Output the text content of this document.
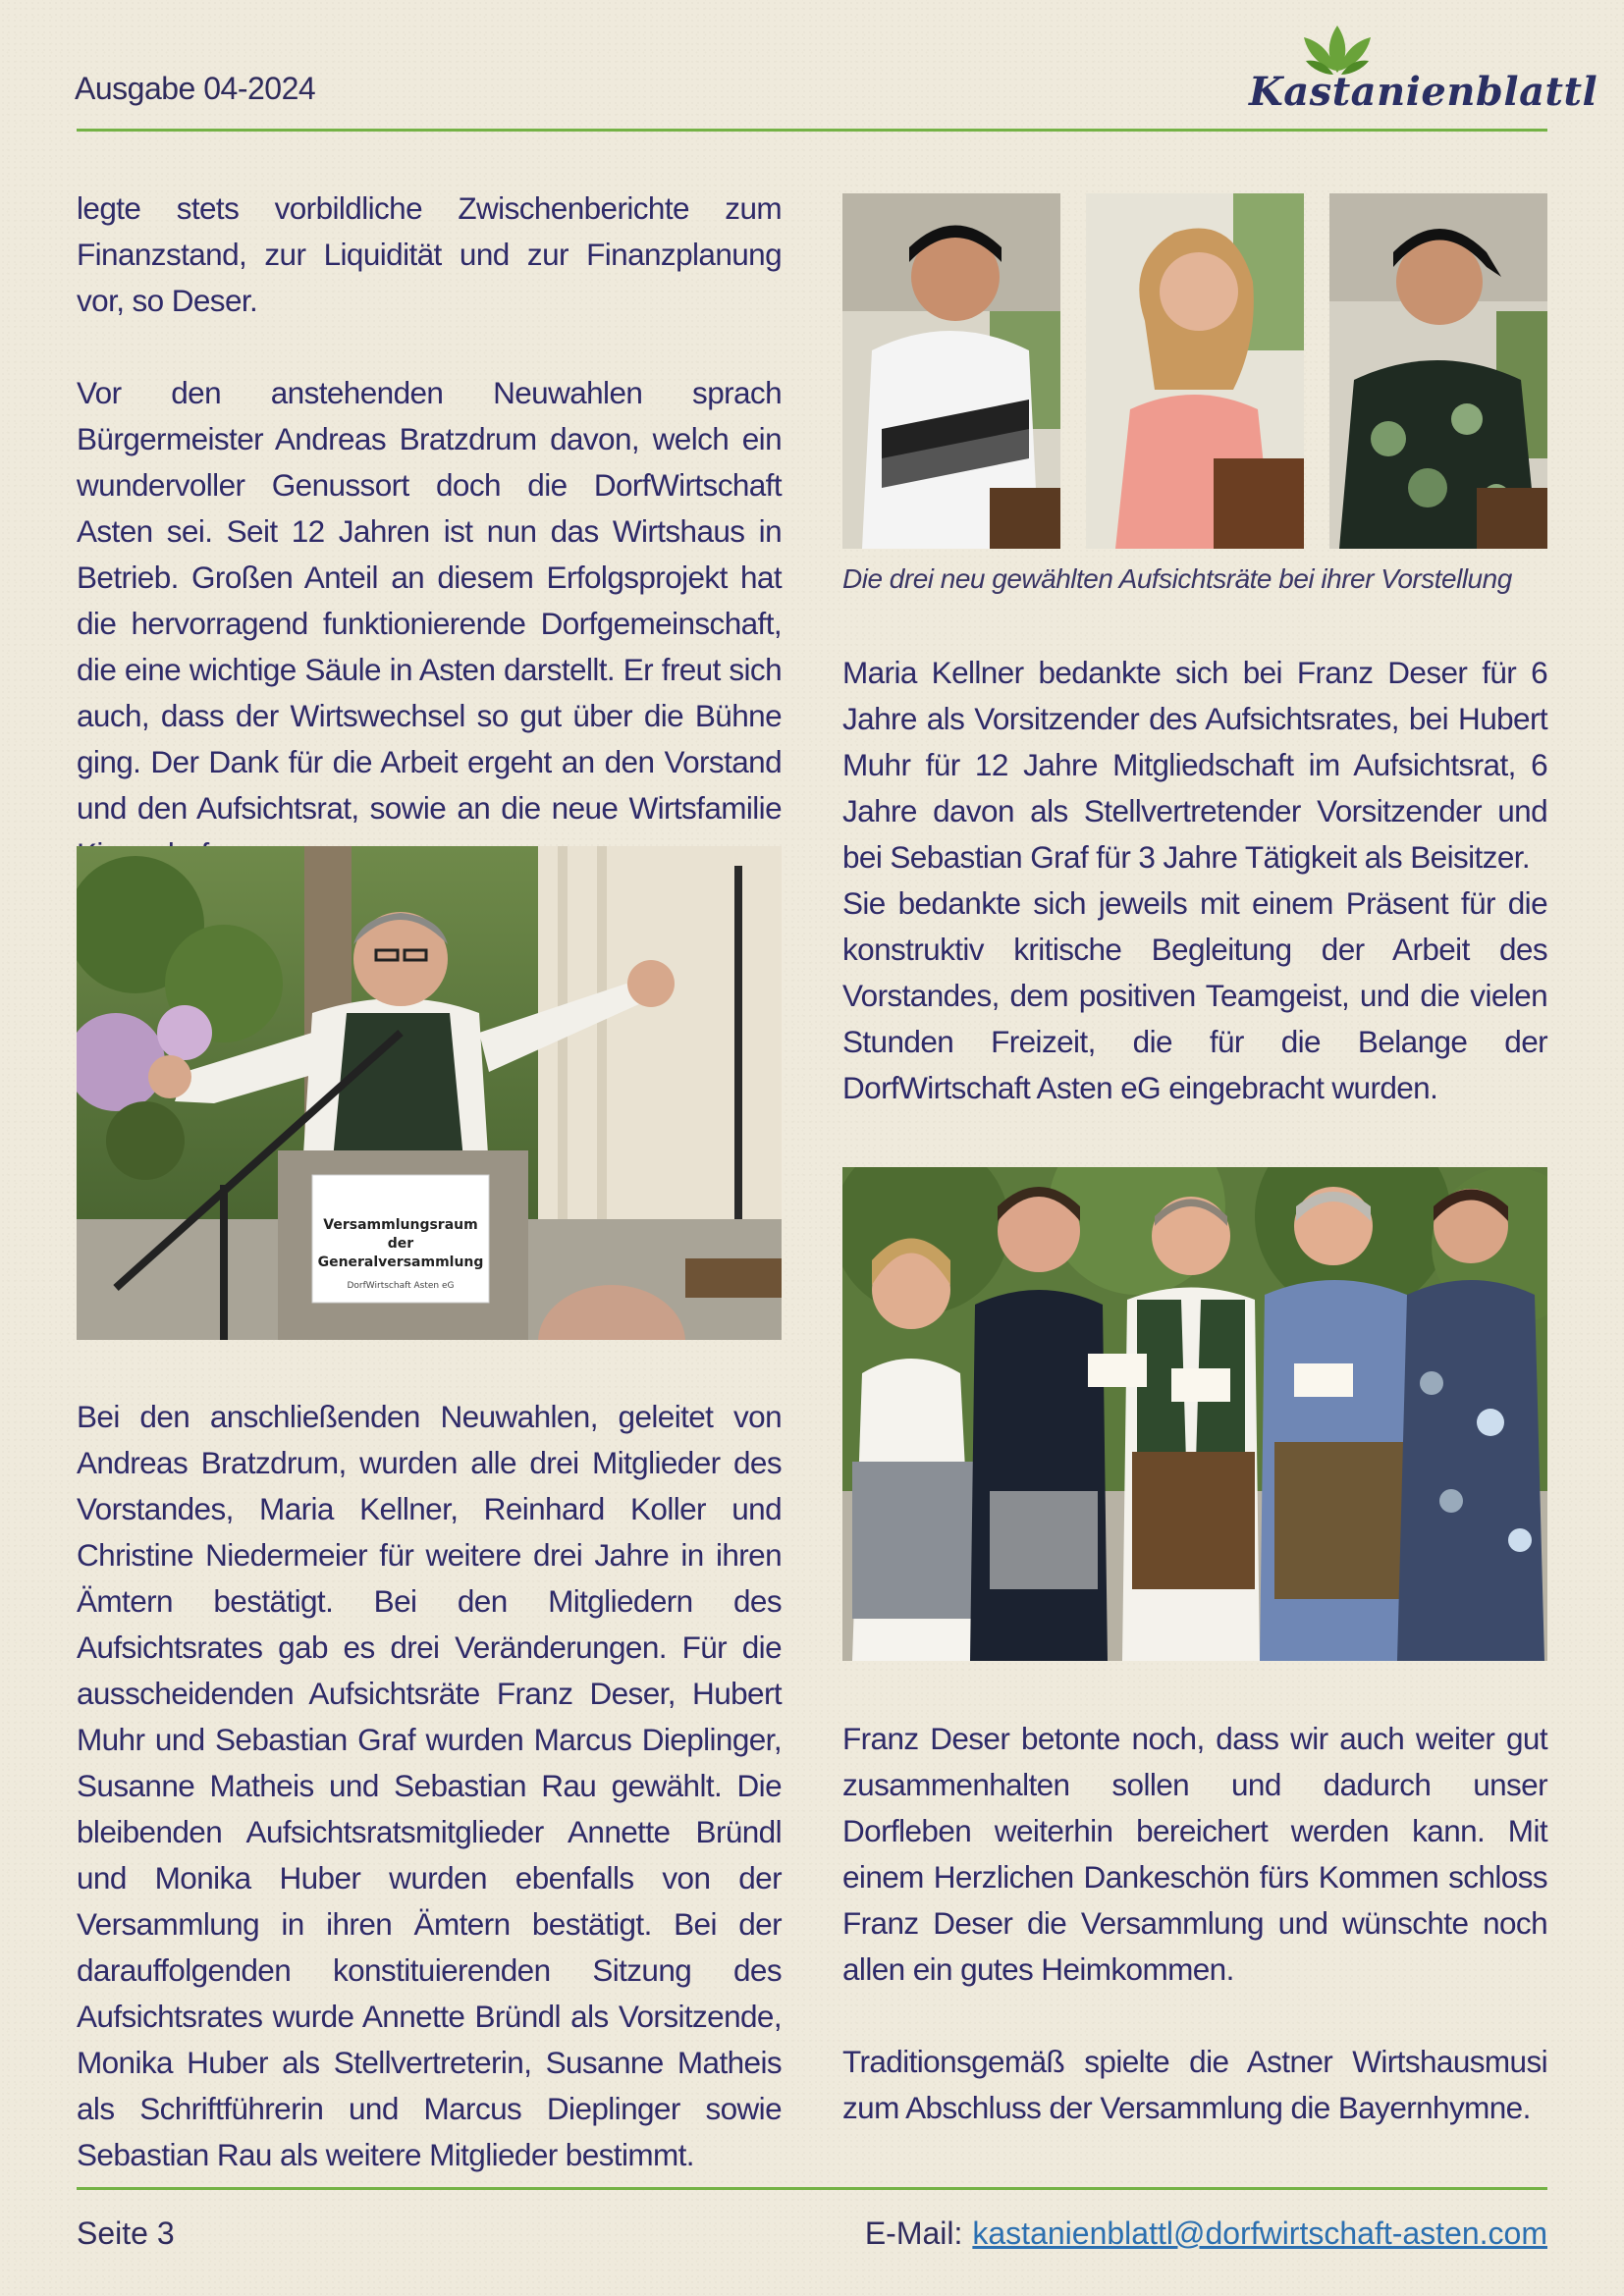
Ausgabe 04-2024	Kastanienblattl

legte stets vorbildliche Zwischenberichte zum Finanzstand, zur Liquidität und zur Finanzplanung vor, so Deser.

Vor den anstehenden Neuwahlen sprach Bürgermeister Andreas Bratzdrum davon, welch ein wundervoller Genussort doch die DorfWirtschaft Asten sei. Seit 12 Jahren ist nun das Wirtshaus in Betrieb. Großen Anteil an diesem Erfolgsprojekt hat die hervorragend funktionierende Dorfgemeinschaft, die eine wichtige Säule in Asten darstellt. Er freut sich auch, dass der Wirtswechsel so gut über die Bühne ging. Der Dank für die Arbeit ergeht an den Vorstand und den Aufsichtsrat, sowie an die neue Wirtsfamilie

Versammlungsraum
der
Generalversammlung
DorfWirtschaft Asten eG

Bei den anschließenden Neuwahlen, geleitet von Andreas Bratzdrum, wurden alle drei Mitglieder des Vorstandes, Maria Kellner, Reinhard Koller und Christine Niedermeier für weitere drei Jahre in ihren Ämtern bestätigt. Bei den Mitgliedern des Aufsichtsrates gab es drei Veränderungen. Für die ausscheidenden Aufsichtsräte Franz Deser, Hubert Muhr und Sebastian Graf wurden Marcus Dieplinger, Susanne Matheis und Sebastian Rau gewählt. Die bleibenden Aufsichtsratsmitglieder Annette Bründl und Monika Huber wurden ebenfalls von der Versammlung in ihren Ämtern bestätigt. Bei der darauffolgenden konstituierenden Sitzung des Aufsichtsrates wurde Annette Bründl als Vorsitzende, Monika Huber als Stellvertreterin, Susanne Matheis als Schriftführerin und Marcus Dieplinger sowie Sebastian Rau als weitere Mitglieder bestimmt.

Die drei neu gewählten Aufsichtsräte bei ihrer Vorstellung

Maria Kellner bedankte sich bei Franz Deser für 6 Jahre als Vorsitzender des Aufsichtsrates, bei Hubert Muhr für 12 Jahre Mitgliedschaft im Aufsichtsrat, 6 Jahre davon als Stellvertretender Vorsitzender und bei Sebastian Graf für 3 Jahre Tätigkeit als Beisitzer.

Sie bedankte sich jeweils mit einem Präsent für die konstruktiv kritische Begleitung der Arbeit des Vorstandes, dem positiven Teamgeist, und die vielen Stunden Freizeit, die für die Belange der DorfWirtschaft Asten eG eingebracht wurden.

Franz Deser betonte noch, dass wir auch weiter gut zusammenhalten sollen und dadurch unser Dorfleben weiterhin bereichert werden kann. Mit einem Herzlichen Dankeschön fürs Kommen schloss Franz Deser die Versammlung und wünschte noch allen ein gutes Heimkommen.

Traditionsgemäß spielte die Astner Wirtshausmusi zum Abschluss der Versammlung die Bayernhymne.

Seite 3	E-Mail: kastanienblattl@dorfwirtschaft-asten.com
